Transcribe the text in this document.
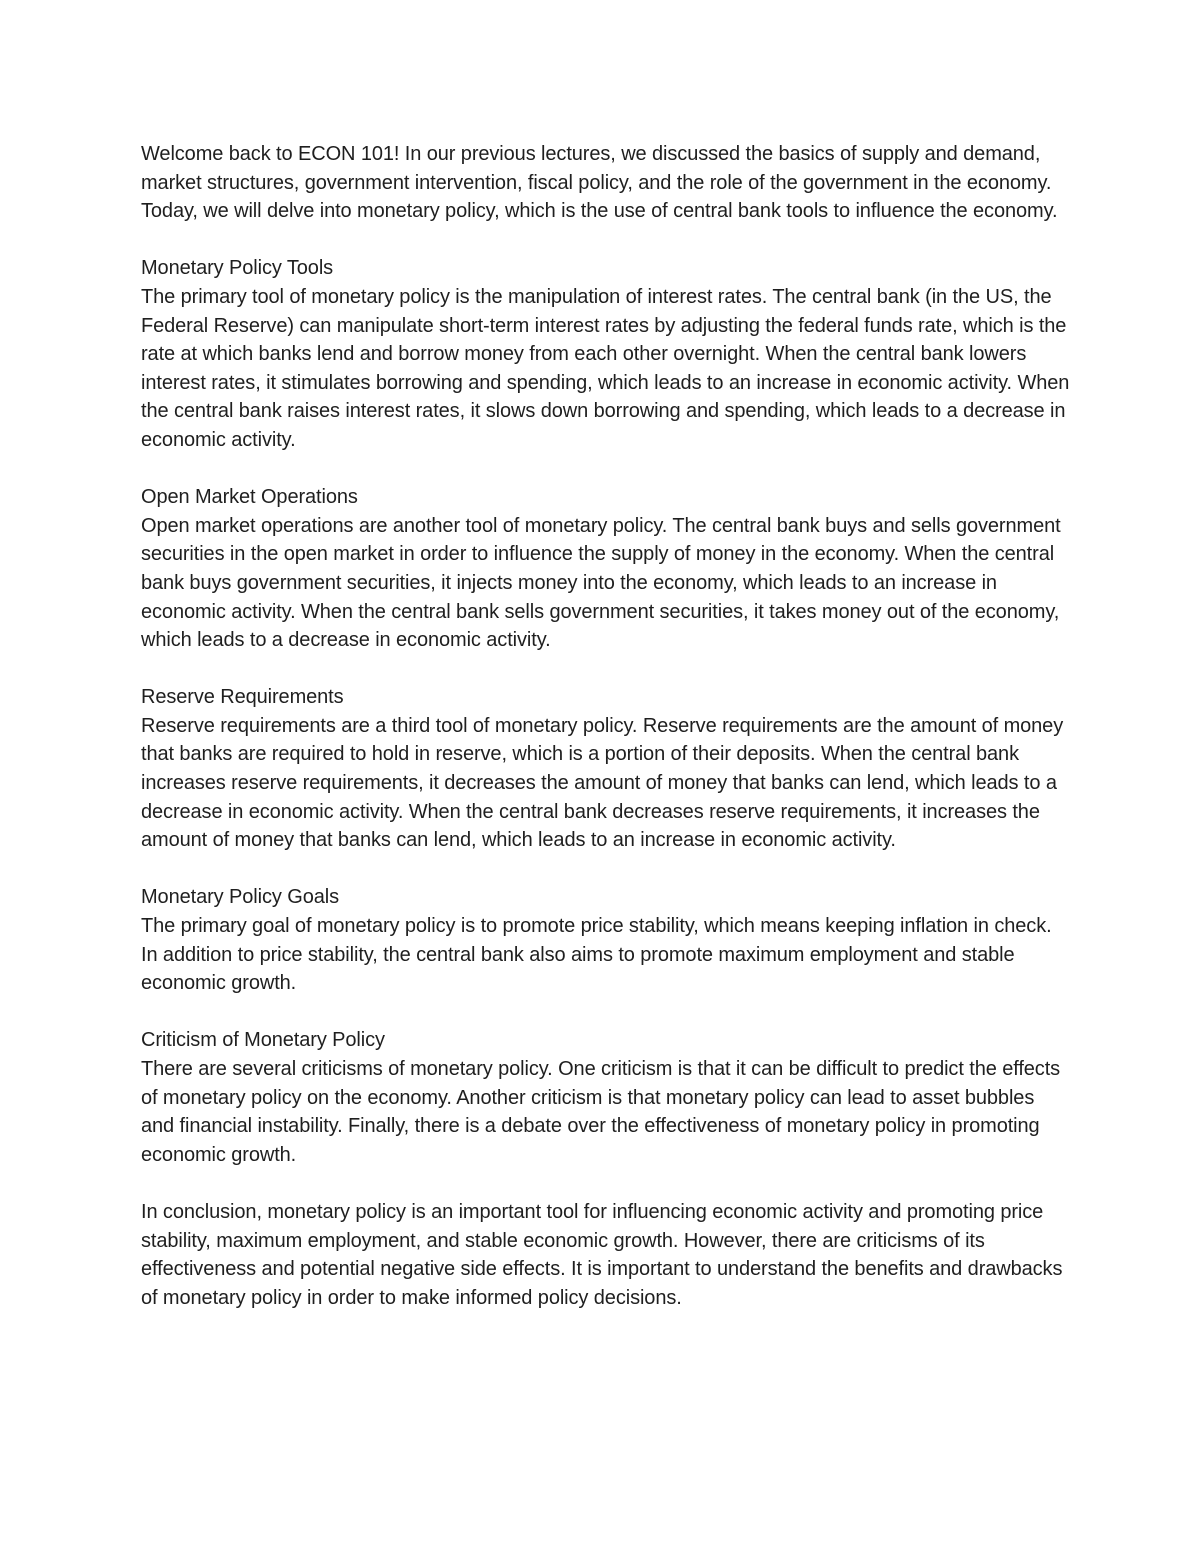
Welcome back to ECON 101! In our previous lectures, we discussed the basics of supply and demand, market structures, government intervention, fiscal policy, and the role of the government in the economy. Today, we will delve into monetary policy, which is the use of central bank tools to influence the economy.

Monetary Policy Tools

The primary tool of monetary policy is the manipulation of interest rates. The central bank (in the US, the Federal Reserve) can manipulate short-term interest rates by adjusting the federal funds rate, which is the rate at which banks lend and borrow money from each other overnight. When the central bank lowers interest rates, it stimulates borrowing and spending, which leads to an increase in economic activity. When the central bank raises interest rates, it slows down borrowing and spending, which leads to a decrease in economic activity.

Open Market Operations

Open market operations are another tool of monetary policy. The central bank buys and sells government securities in the open market in order to influence the supply of money in the economy. When the central bank buys government securities, it injects money into the economy, which leads to an increase in economic activity. When the central bank sells government securities, it takes money out of the economy, which leads to a decrease in economic activity.

Reserve Requirements

Reserve requirements are a third tool of monetary policy. Reserve requirements are the amount of money that banks are required to hold in reserve, which is a portion of their deposits. When the central bank increases reserve requirements, it decreases the amount of money that banks can lend, which leads to a decrease in economic activity. When the central bank decreases reserve requirements, it increases the amount of money that banks can lend, which leads to an increase in economic activity.

Monetary Policy Goals

The primary goal of monetary policy is to promote price stability, which means keeping inflation in check. In addition to price stability, the central bank also aims to promote maximum employment and stable economic growth.

Criticism of Monetary Policy

There are several criticisms of monetary policy. One criticism is that it can be difficult to predict the effects of monetary policy on the economy. Another criticism is that monetary policy can lead to asset bubbles and financial instability. Finally, there is a debate over the effectiveness of monetary policy in promoting economic growth.

In conclusion, monetary policy is an important tool for influencing economic activity and promoting price stability, maximum employment, and stable economic growth. However, there are criticisms of its effectiveness and potential negative side effects. It is important to understand the benefits and drawbacks of monetary policy in order to make informed policy decisions.
